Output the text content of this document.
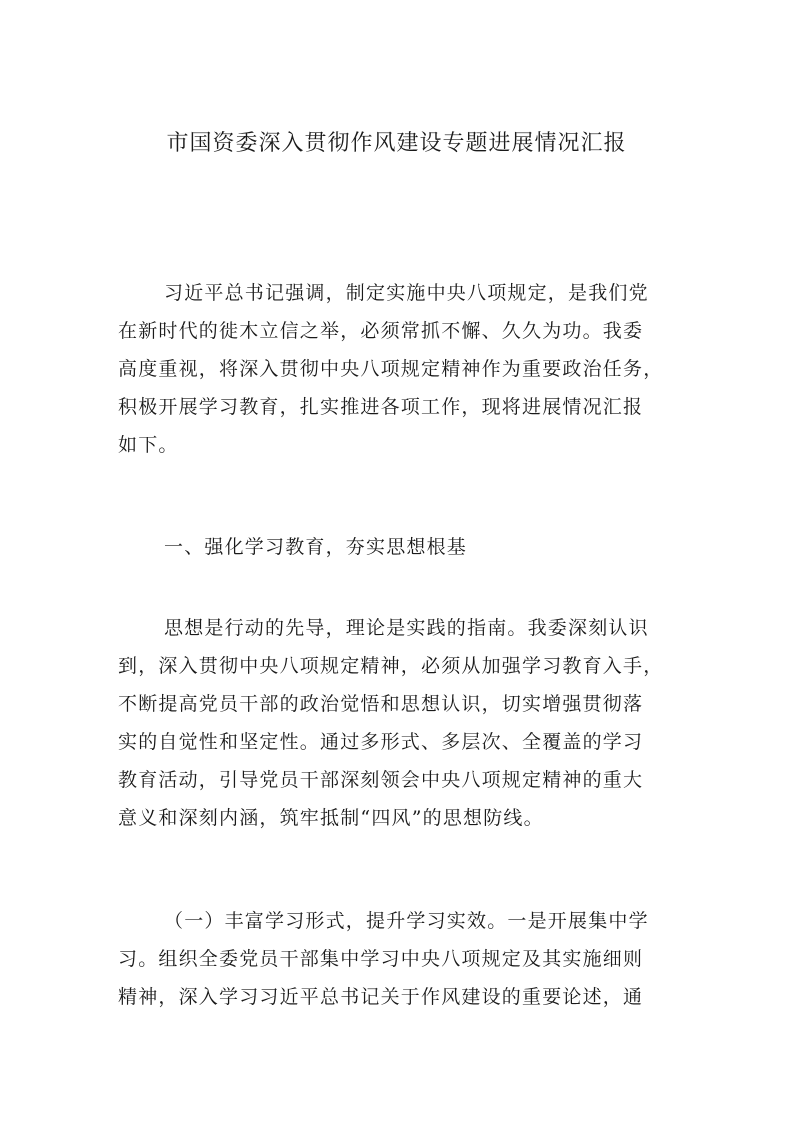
市国资委深入贯彻作风建设专题进展情况汇报
习近平总书记强调，制定实施中央八项规定，是我们党
在新时代的徙木立信之举，必须常抓不懈、久久为功。我委
高度重视，将深入贯彻中央八项规定精神作为重要政治任务，
积极开展学习教育，扎实推进各项工作，现将进展情况汇报
如下。
一、强化学习教育，夯实思想根基
思想是行动的先导，理论是实践的指南。我委深刻认识
到，深入贯彻中央八项规定精神，必须从加强学习教育入手，
不断提高党员干部的政治觉悟和思想认识，切实增强贯彻落
实的自觉性和坚定性。通过多形式、多层次、全覆盖的学习
教育活动，引导党员干部深刻领会中央八项规定精神的重大
意义和深刻内涵，筑牢抵制“四风”的思想防线。
（一）丰富学习形式，提升学习实效。一是开展集中学
习。组织全委党员干部集中学习中央八项规定及其实施细则
精神，深入学习习近平总书记关于作风建设的重要论述，通
